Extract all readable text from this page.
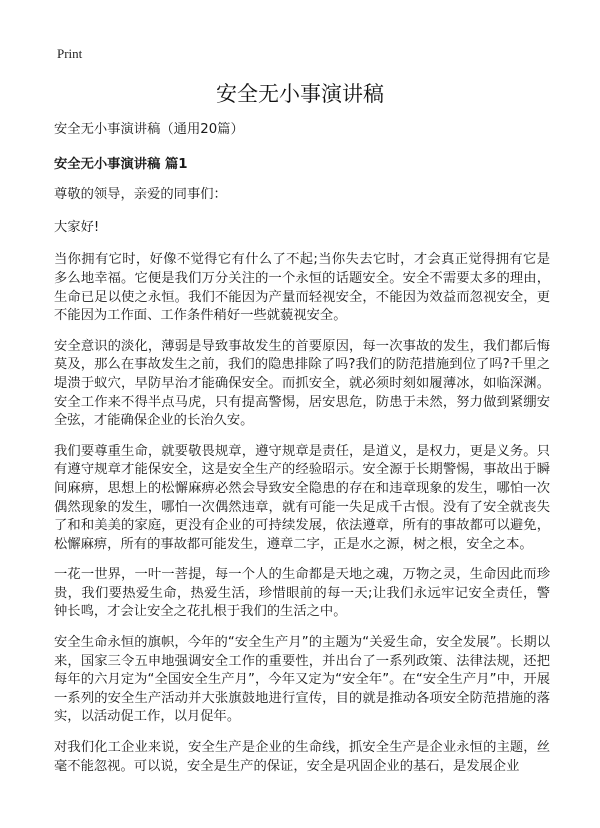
Print
安全无小事演讲稿

安全无小事演讲稿（通用20篇）

安全无小事演讲稿 篇1

尊敬的领导，亲爱的同事们：

大家好!

当你拥有它时，好像不觉得它有什么了不起;当你失去它时，才会真正觉得拥有它是多么地幸福。它便是我们万分关注的一个永恒的话题安全。安全不需要太多的理由，生命已足以使之永恒。我们不能因为产量而轻视安全，不能因为效益而忽视安全，更不能因为工作面、工作条件稍好一些就藐视安全。

安全意识的淡化，薄弱是导致事故发生的首要原因，每一次事故的发生，我们都后悔莫及，那么在事故发生之前，我们的隐患排除了吗?我们的防范措施到位了吗?千里之堤溃于蚁穴，早防早治才能确保安全。而抓安全，就必须时刻如履薄冰，如临深渊。安全工作来不得半点马虎，只有提高警惕，居安思危，防患于未然，努力做到紧绷安全弦，才能确保企业的长治久安。

我们要尊重生命，就要敬畏规章，遵守规章是责任，是道义，是权力，更是义务。只有遵守规章才能保安全，这是安全生产的经验昭示。安全源于长期警惕，事故出于瞬间麻痹，思想上的松懈麻痹必然会导致安全隐患的存在和违章现象的发生，哪怕一次偶然现象的发生，哪怕一次偶然违章，就有可能一失足成千古恨。没有了安全就丧失了和和美美的家庭，更没有企业的可持续发展，依法遵章，所有的事故都可以避免，松懈麻痹，所有的事故都可能发生，遵章二字，正是水之源，树之根，安全之本。

一花一世界，一叶一菩提，每一个人的生命都是天地之魂，万物之灵，生命因此而珍贵，我们要热爱生命，热爱生活，珍惜眼前的每一天;让我们永远牢记安全责任，警钟长鸣，才会让安全之花扎根于我们的生活之中。

安全生命永恒的旗帜，今年的“安全生产月”的主题为“关爱生命，安全发展”。长期以来，国家三令五申地强调安全工作的重要性，并出台了一系列政策、法律法规，还把每年的六月定为“全国安全生产月”，今年又定为“安全年”。在“安全生产月”中，开展一系列的安全生产活动并大张旗鼓地进行宣传，目的就是推动各项安全防范措施的落实，以活动促工作，以月促年。

对我们化工企业来说，安全生产是企业的生命线，抓安全生产是企业永恒的主题，丝毫不能忽视。可以说，安全是生产的保证，安全是巩固企业的基石，是发展企业
